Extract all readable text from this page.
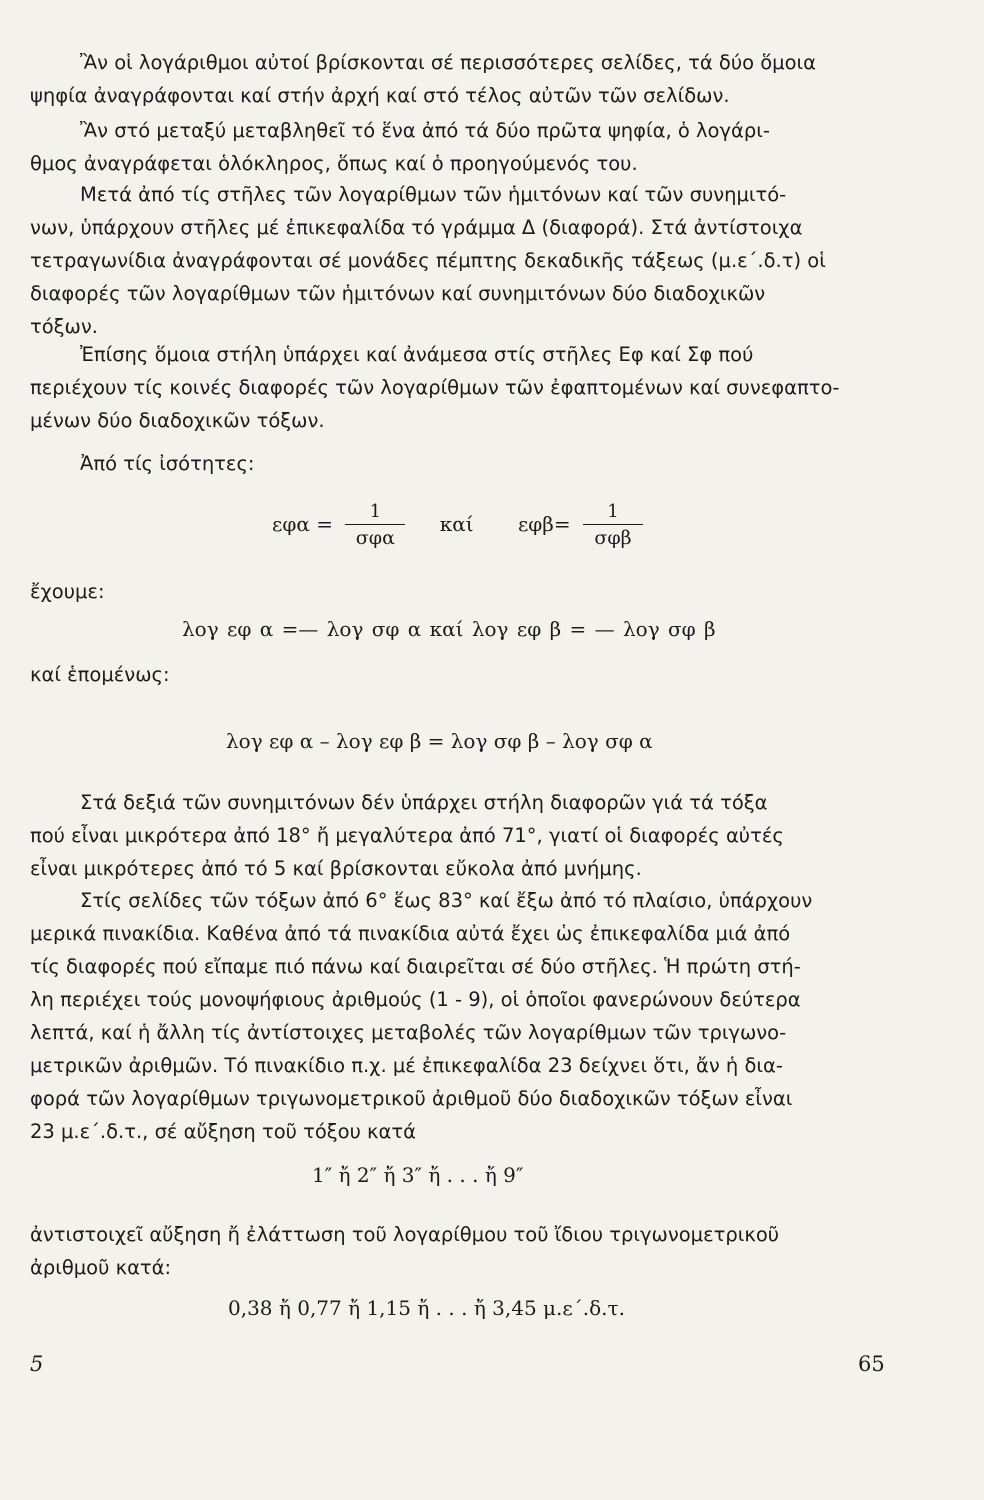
Ἂν οἱ λογάριθμοι αὐτοί βρίσκονται σέ περισσότερες σελίδες, τά δύο ὅμοια
ψηφία ἀναγράφονται καί στήν ἀρχή καί στό τέλος αὐτῶν τῶν σελίδων.

Ἂν στό μεταξύ μεταβληθεῖ τό ἕνα ἀπό τά δύο πρῶτα ψηφία, ὁ λογάρι-
θμος ἀναγράφεται ὁλόκληρος, ὅπως καί ὁ προηγούμενός του.

Μετά ἀπό τίς στῆλες τῶν λογαρίθμων τῶν ἡμιτόνων καί τῶν συνημιτό-
νων, ὑπάρχουν στῆλες μέ ἐπικεφαλίδα τό γράμμα Δ (διαφορά). Στά ἀντίστοιχα
τετραγωνίδια ἀναγράφονται σέ μονάδες πέμπτης δεκαδικῆς τάξεως (μ.ε΄.δ.τ) οἱ
διαφορές τῶν λογαρίθμων τῶν ἡμιτόνων καί συνημιτόνων δύο διαδοχικῶν
τόξων.

Ἐπίσης ὅμοια στήλη ὑπάρχει καί ἀνάμεσα στίς στῆλες Εφ καί Σφ πού
περιέχουν τίς κοινές διαφορές τῶν λογαρίθμων τῶν ἐφαπτομένων καί συνεφαπτο-
μένων δύο διαδοχικῶν τόξων.

Ἀπό τίς ἰσότητες:
$\varepsilon\varphi\alpha = \frac{1}{\text{σφα}}$ καί $\varepsilon\varphi\beta= \frac{1}{\text{σφβ}}$
ἔχουμε:
λογ εφ α =— λογ σφ α καί λογ εφ β = — λογ σφ β
καί ἑπομένως:
λογ εφ α – λογ εφ β = λογ σφ β – λογ σφ α

Στά δεξιά τῶν συνημιτόνων δέν ὑπάρχει στήλη διαφορῶν γιά τά τόξα
πού εἶναι μικρότερα ἀπό 18° ἤ μεγαλύτερα ἀπό 71°, γιατί οἱ διαφορές αὐτές
εἶναι μικρότερες ἀπό τό 5 καί βρίσκονται εὔκολα ἀπό μνήμης.

Στίς σελίδες τῶν τόξων ἀπό 6° ἕως 83° καί ἔξω ἀπό τό πλαίσιο, ὑπάρχουν
μερικά πινακίδια. Καθένα ἀπό τά πινακίδια αὐτά ἔχει ὡς ἐπικεφαλίδα μιά ἀπό
τίς διαφορές πού εἴπαμε πιό πάνω καί διαιρεῖται σέ δύο στῆλες. Ἡ πρώτη στή-
λη περιέχει τούς μονοψήφιους ἀριθμούς (1 - 9), οἱ ὁποῖοι φανερώνουν δεύτερα
λεπτά, καί ἡ ἄλλη τίς ἀντίστοιχες μεταβολές τῶν λογαρίθμων τῶν τριγωνο-
μετρικῶν ἀριθμῶν. Τό πινακίδιο π.χ. μέ ἐπικεφαλίδα 23 δείχνει ὅτι, ἄν ἡ δια-
φορά τῶν λογαρίθμων τριγωνομετρικοῦ ἀριθμοῦ δύο διαδοχικῶν τόξων εἶναι
23 μ.ε΄.δ.τ., σέ αὔξηση τοῦ τόξου κατά

1″ ἤ 2″ ἤ 3″ ἤ . . . ἤ 9″

ἀντιστοιχεῖ αὔξηση ἤ ἐλάττωση τοῦ λογαρίθμου τοῦ ἴδιου τριγωνομετρικοῦ
ἀριθμοῦ κατά:

0,38 ἤ 0,77 ἤ 1,15 ἤ . . . ἤ 3,45 μ.ε΄.δ.τ.
5	65
